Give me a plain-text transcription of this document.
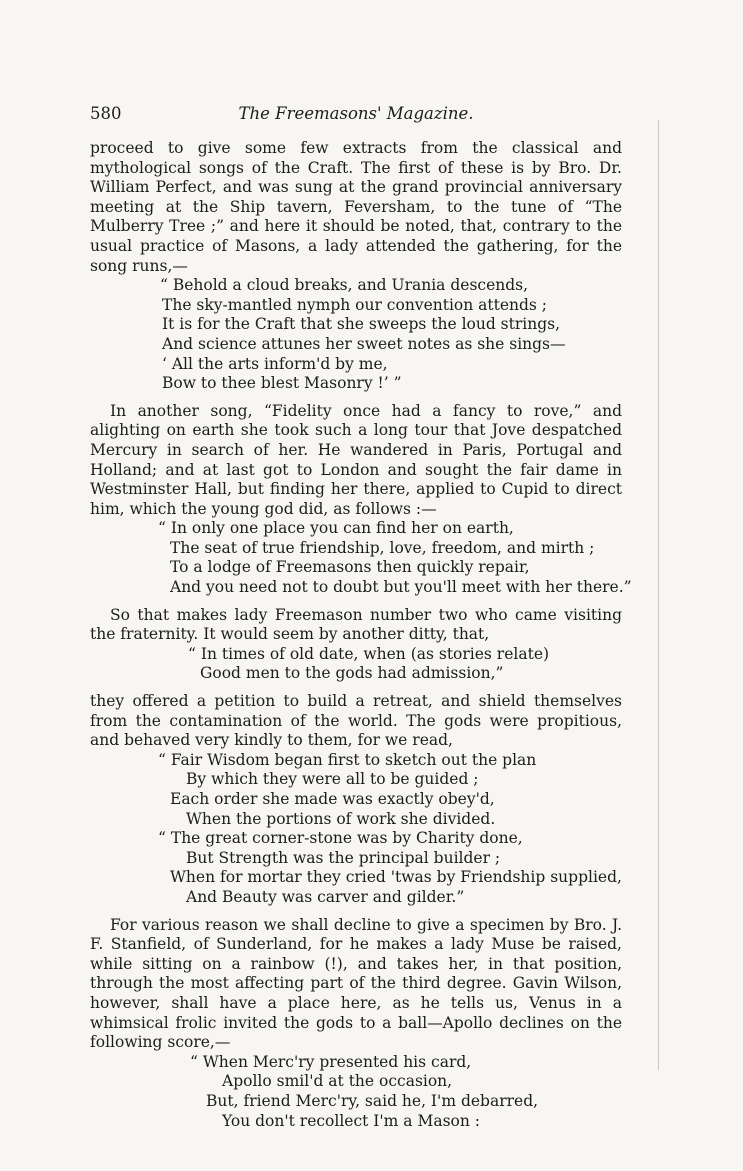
580	The Freemasons' Magazine.

proceed to give some few extracts from the classical and mythological songs of the Craft. The first of these is by Bro. Dr. William Perfect, and was sung at the grand provincial anniversary meeting at the Ship tavern, Feversham, to the tune of “The Mulberry Tree ;” and here it should be noted, that, contrary to the usual practice of Masons, a lady attended the gathering, for the song runs,—

“ Behold a cloud breaks, and Urania descends,
The sky-mantled nymph our convention attends ;
It is for the Craft that she sweeps the loud strings,
And science attunes her sweet notes as she sings—
‘ All the arts inform'd by me,
Bow to thee blest Masonry !’ ”

In another song, “Fidelity once had a fancy to rove,” and alighting on earth she took such a long tour that Jove despatched Mercury in search of her. He wandered in Paris, Portugal and Holland; and at last got to London and sought the fair dame in Westminster Hall, but finding her there, applied to Cupid to direct him, which the young god did, as follows :—

“ In only one place you can find her on earth,
The seat of true friendship, love, freedom, and mirth ;
To a lodge of Freemasons then quickly repair,
And you need not to doubt but you'll meet with her there.”

So that makes lady Freemason number two who came visiting the fraternity. It would seem by another ditty, that,

“ In times of old date, when (as stories relate)
Good men to the gods had admission,”

they offered a petition to build a retreat, and shield themselves from the contamination of the world. The gods were propitious, and behaved very kindly to them, for we read,

“ Fair Wisdom began first to sketch out the plan
By which they were all to be guided ;
Each order she made was exactly obey'd,
When the portions of work she divided.
“ The great corner-stone was by Charity done,
But Strength was the principal builder ;
When for mortar they cried 'twas by Friendship supplied,
And Beauty was carver and gilder.”

For various reason we shall decline to give a specimen by Bro. J. F. Stanfield, of Sunderland, for he makes a lady Muse be raised, while sitting on a rainbow (!), and takes her, in that position, through the most affecting part of the third degree. Gavin Wilson, however, shall have a place here, as he tells us, Venus in a whimsical frolic invited the gods to a ball—Apollo declines on the following score,—

“ When Merc'ry presented his card,
Apollo smil'd at the occasion,
But, friend Merc'ry, said he, I'm debarred,
You don't recollect I'm a Mason :
